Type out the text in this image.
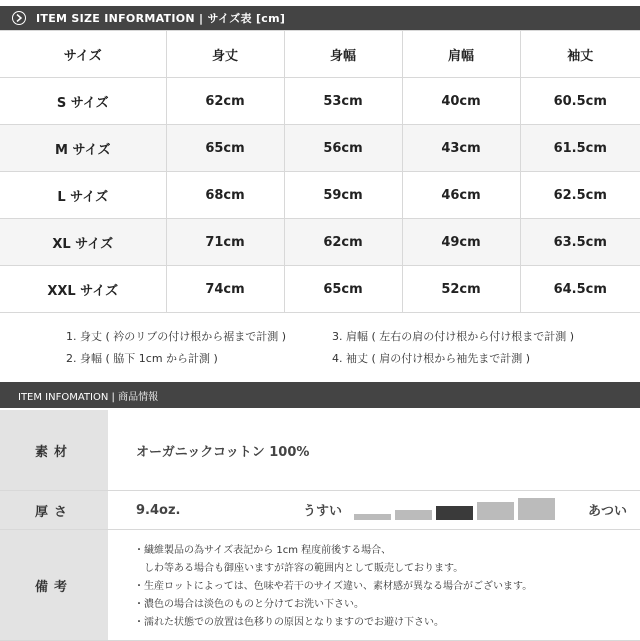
ITEM SIZE INFORMATION | サイズ表 [cm]
サイズ	身丈	身幅	肩幅	袖丈
S サイズ	62cm	53cm	40cm	60.5cm
M サイズ	65cm	56cm	43cm	61.5cm
L サイズ	68cm	59cm	46cm	62.5cm
XL サイズ	71cm	62cm	49cm	63.5cm
XXL サイズ	74cm	65cm	52cm	64.5cm
1. 身丈 ( 衿のリブの付け根から裾まで計測 )
2. 身幅 ( 脇下 1cm から計測 )
3. 肩幅 ( 左右の肩の付け根から付け根まで計測 )
4. 袖丈 ( 肩の付け根から袖先まで計測 )
ITEM INFOMATION | 商品情報
素材	オーガニックコットン 100%
厚さ	9.4oz.	うすい	あつい
備考
・繊維製品の為サイズ表記から 1cm 程度前後する場合、
　しわ等ある場合も御座いますが許容の範囲内として販売しております。
・生産ロットによっては、色味や若干のサイズ違い、素材感が異なる場合がございます。
・濃色の場合は淡色のものと分けてお洗い下さい。
・濡れた状態での放置は色移りの原因となりますのでお避け下さい。
